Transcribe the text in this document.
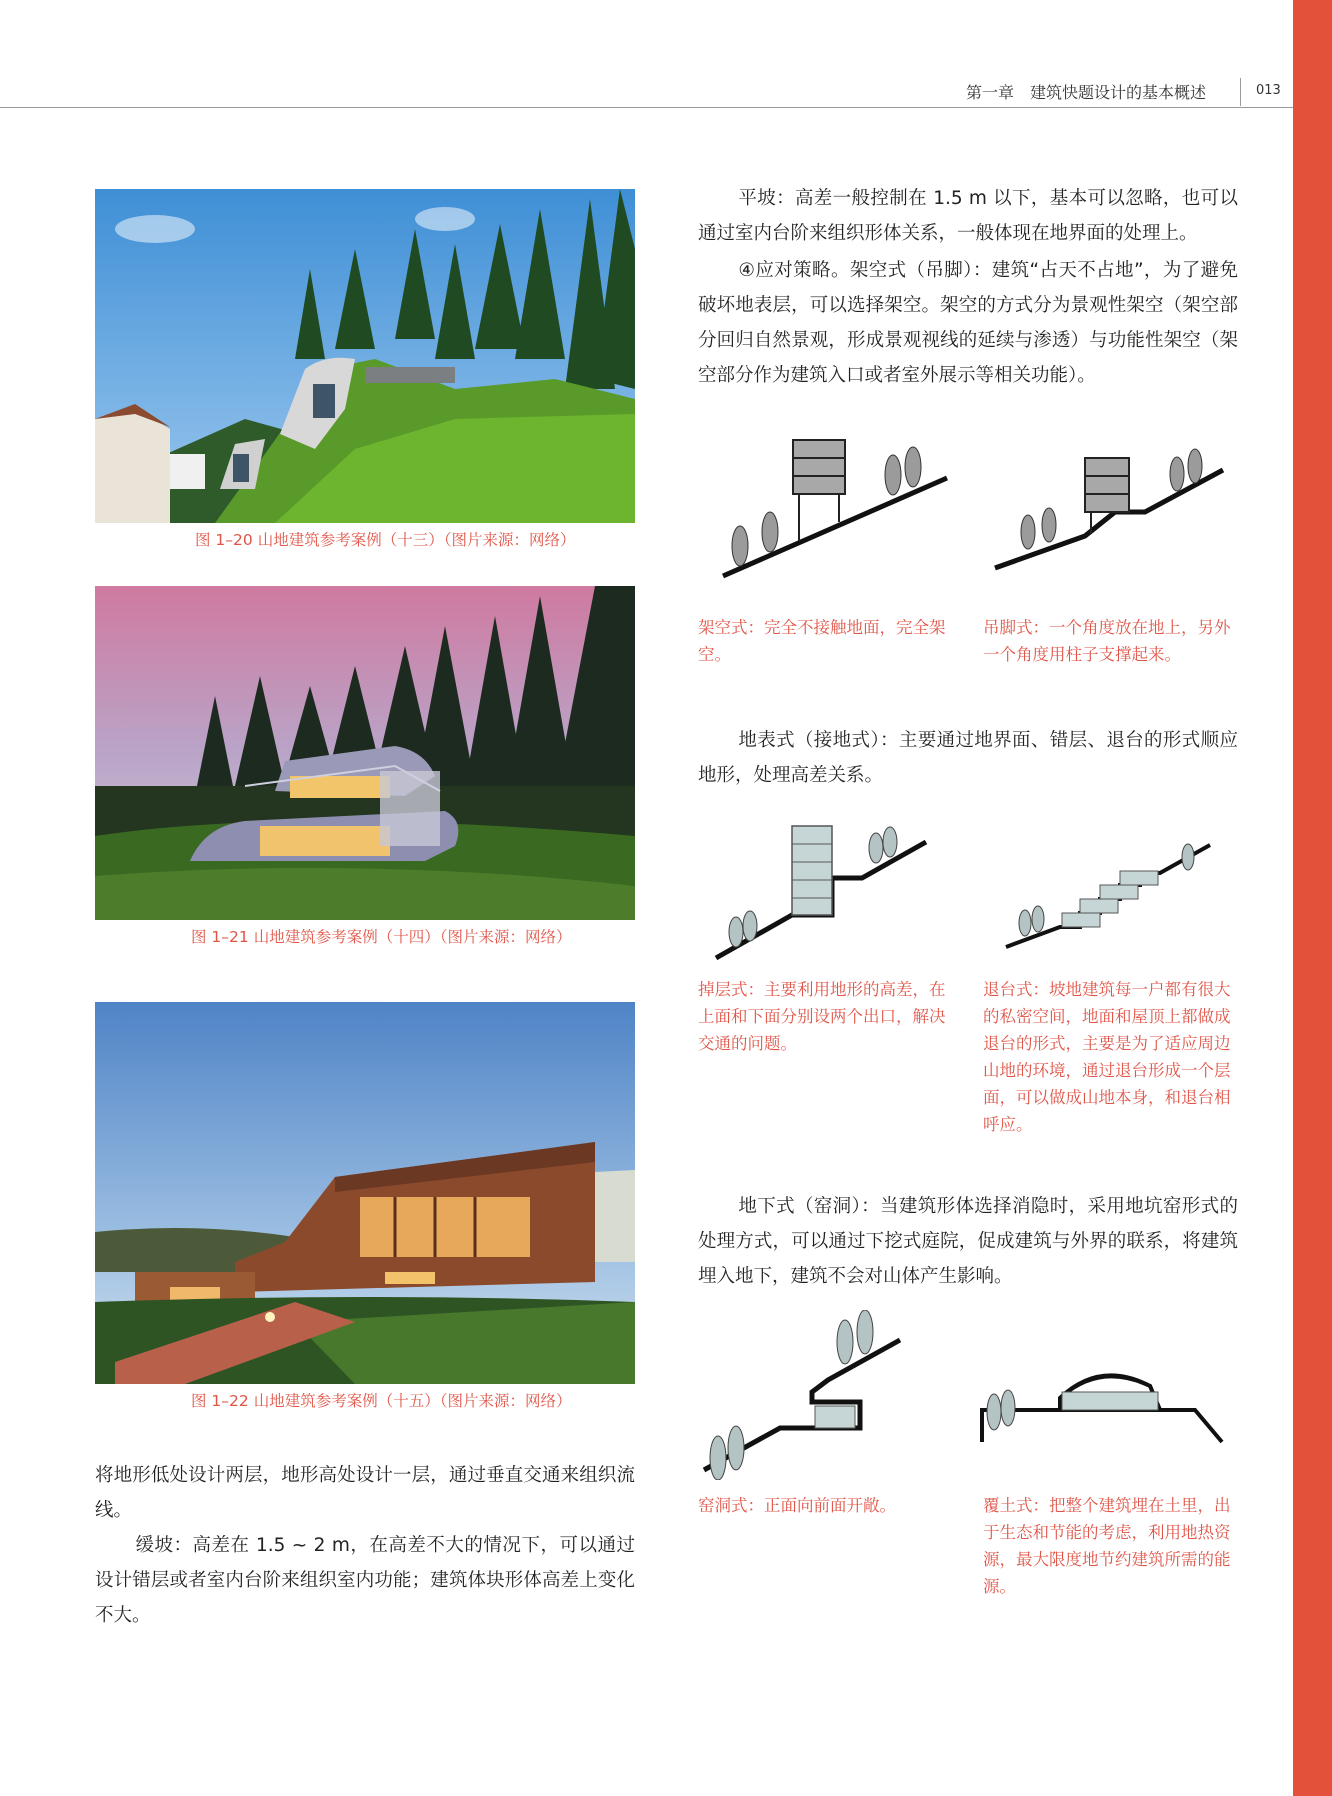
第一章　建筑快题设计的基本概述	013
图 1–20 山地建筑参考案例（十三）（图片来源：网络）
图 1–21 山地建筑参考案例（十四）（图片来源：网络）
图 1–22 山地建筑参考案例（十五）（图片来源：网络）

将地形低处设计两层，地形高处设计一层，通过垂直交通来组织流线。

缓坡：高差在 1.5 ~ 2 m，在高差不大的情况下，可以通过设计错层或者室内台阶来组织室内功能；建筑体块形体高差上变化不大。

平坡：高差一般控制在 1.5 m 以下，基本可以忽略，也可以通过室内台阶来组织形体关系，一般体现在地界面的处理上。

④应对策略。架空式（吊脚）：建筑“占天不占地”，为了避免破坏地表层，可以选择架空。架空的方式分为景观性架空（架空部分回归自然景观，形成景观视线的延续与渗透）与功能性架空（架空部分作为建筑入口或者室外展示等相关功能）。

架空式：完全不接触地面，完全架空。

吊脚式：一个角度放在地上，另外一个角度用柱子支撑起来。

地表式（接地式）：主要通过地界面、错层、退台的形式顺应地形，处理高差关系。

掉层式：主要利用地形的高差，在上面和下面分别设两个出口，解决交通的问题。

退台式：坡地建筑每一户都有很大的私密空间，地面和屋顶上都做成退台的形式，主要是为了适应周边山地的环境，通过退台形成一个层面，可以做成山地本身，和退台相呼应。

地下式（窑洞）：当建筑形体选择消隐时，采用地坑窑形式的处理方式，可以通过下挖式庭院，促成建筑与外界的联系，将建筑埋入地下，建筑不会对山体产生影响。

窑洞式：正面向前面开敞。	覆土式：把整个建筑埋在土里，出于生态和节能的考虑，利用地热资源，最大限度地节约建筑所需的能源。
